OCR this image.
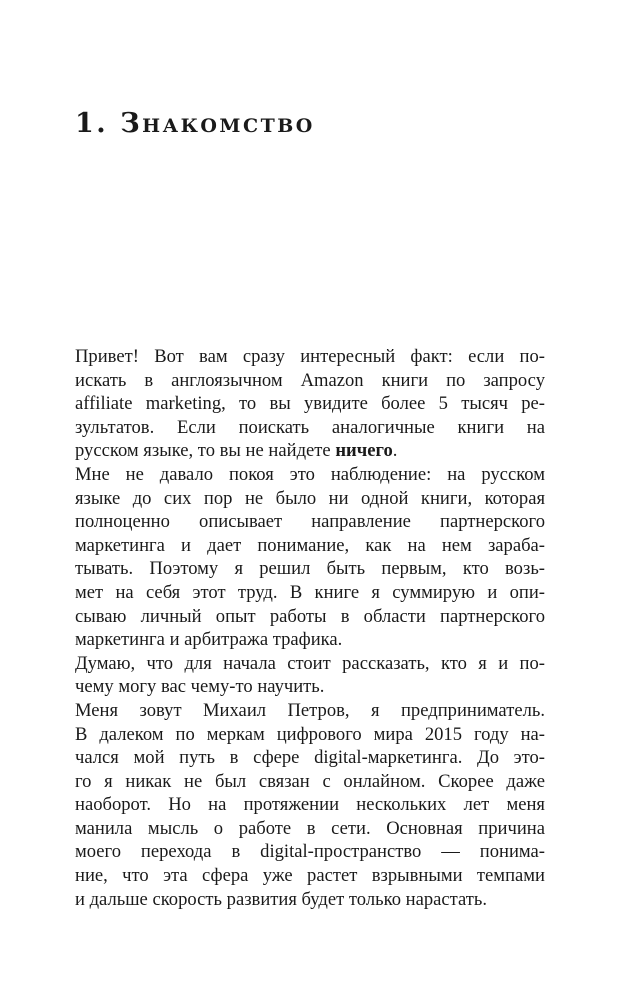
1. Знакомство
Привет! Вот вам сразу интересный факт: если по-
искать в англоязычном Amazon книги по запросу
affiliate marketing, то вы увидите более 5 тысяч ре-
зультатов. Если поискать аналогичные книги на
русском языке, то вы не найдете ничего.
Мне не давало покоя это наблюдение: на русском
языке до сих пор не было ни одной книги, которая
полноценно описывает направление партнерского
маркетинга и дает понимание, как на нем зараба-
тывать. Поэтому я решил быть первым, кто возь-
мет на себя этот труд. В книге я суммирую и опи-
сываю личный опыт работы в области партнерского
маркетинга и арбитража трафика.
Думаю, что для начала стоит рассказать, кто я и по-
чему могу вас чему-то научить.
Меня зовут Михаил Петров, я предприниматель.
В далеком по меркам цифрового мира 2015 году на-
чался мой путь в сфере digital-маркетинга. До это-
го я никак не был связан с онлайном. Скорее даже
наоборот. Но на протяжении нескольких лет меня
манила мысль о работе в сети. Основная причина
моего перехода в digital-пространство — понима-
ние, что эта сфера уже растет взрывными темпами
и дальше скорость развития будет только нарастать.
